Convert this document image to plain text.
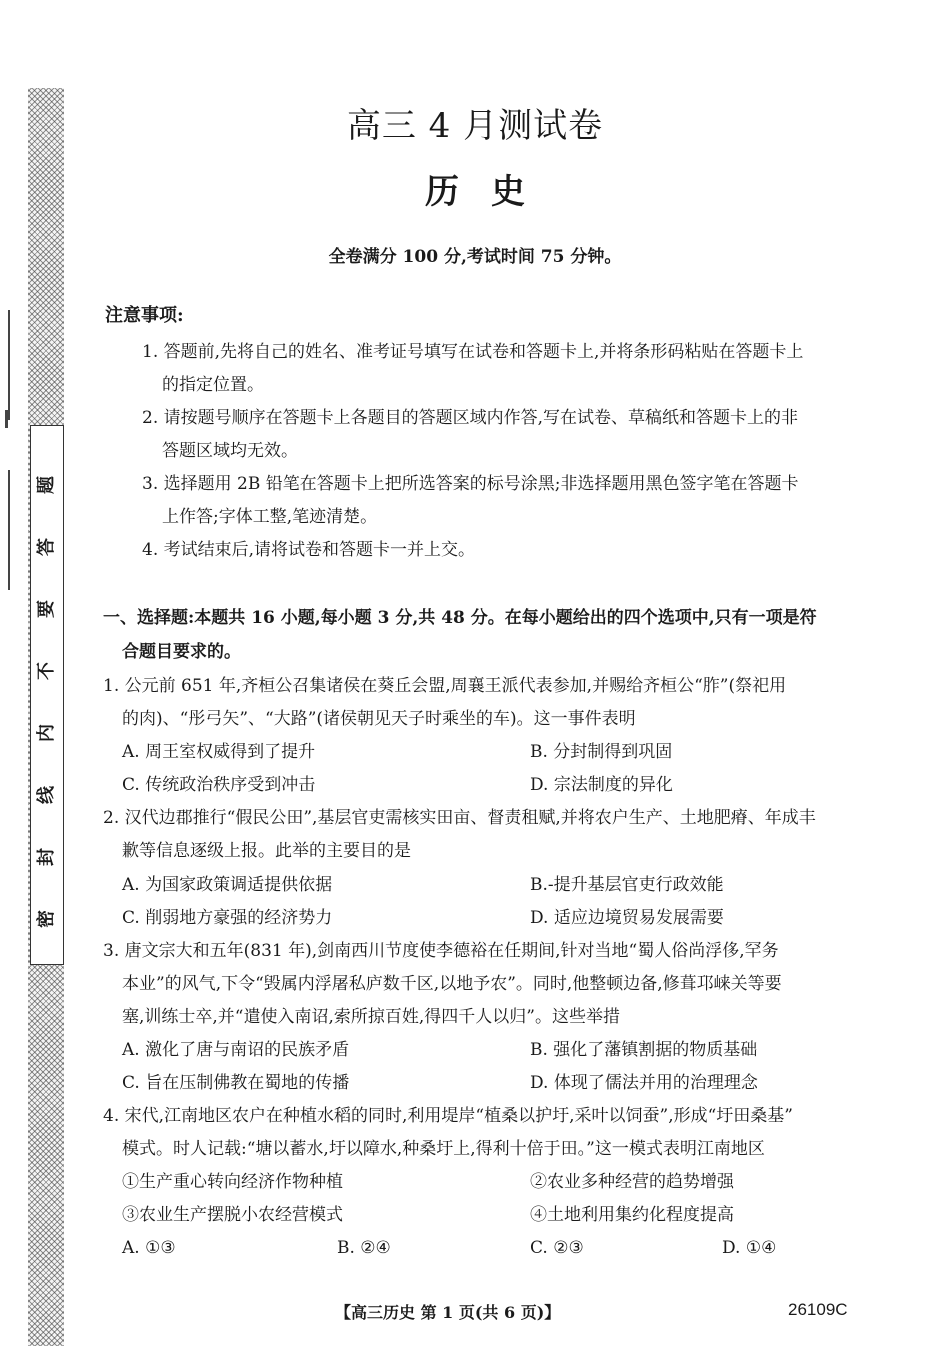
题
答
要
不
内
线
封
密
高三 4 月测试卷
历史
全卷满分 100 分,考试时间 75 分钟。
注意事项:
1. 答题前,先将自己的姓名、准考证号填写在试卷和答题卡上,并将条形码粘贴在答题卡上
的指定位置。
2. 请按题号顺序在答题卡上各题目的答题区域内作答,写在试卷、草稿纸和答题卡上的非
答题区域均无效。
3. 选择题用 2B 铅笔在答题卡上把所选答案的标号涂黑;非选择题用黑色签字笔在答题卡
上作答;字体工整,笔迹清楚。
4. 考试结束后,请将试卷和答题卡一并上交。
一、选择题:本题共 16 小题,每小题 3 分,共 48 分。在每小题给出的四个选项中,只有一项是符
合题目要求的。
1. 公元前 651 年,齐桓公召集诸侯在葵丘会盟,周襄王派代表参加,并赐给齐桓公“胙”(祭祀用
的肉)、“彤弓矢”、“大路”(诸侯朝见天子时乘坐的车)。这一事件表明
A. 周王室权威得到了提升	B. 分封制得到巩固
C. 传统政治秩序受到冲击	D. 宗法制度的异化
2. 汉代边郡推行“假民公田”,基层官吏需核实田亩、督责租赋,并将农户生产、土地肥瘠、年成丰
歉等信息逐级上报。此举的主要目的是
A. 为国家政策调适提供依据	B.-提升基层官吏行政效能
C. 削弱地方豪强的经济势力	D. 适应边境贸易发展需要
3. 唐文宗大和五年(831 年),剑南西川节度使李德裕在任期间,针对当地“蜀人俗尚浮侈,罕务
本业”的风气,下令“毁属内浮屠私庐数千区,以地予农”。同时,他整顿边备,修葺邛崃关等要
塞,训练士卒,并“遣使入南诏,索所掠百姓,得四千人以归”。这些举措
A. 激化了唐与南诏的民族矛盾	B. 强化了藩镇割据的物质基础
C. 旨在压制佛教在蜀地的传播	D. 体现了儒法并用的治理理念
4. 宋代,江南地区农户在种植水稻的同时,利用堤岸“植桑以护圩,采叶以饲蚕”,形成“圩田桑基”
模式。时人记载:“塘以蓄水,圩以障水,种桑圩上,得利十倍于田。”这一模式表明江南地区
①生产重心转向经济作物种植	②农业多种经营的趋势增强
③农业生产摆脱小农经营模式	④土地利用集约化程度提高
A. ①③	B. ②④	C. ②③	D. ①④
【高三历史 第 1 页(共 6 页)】	26109C
